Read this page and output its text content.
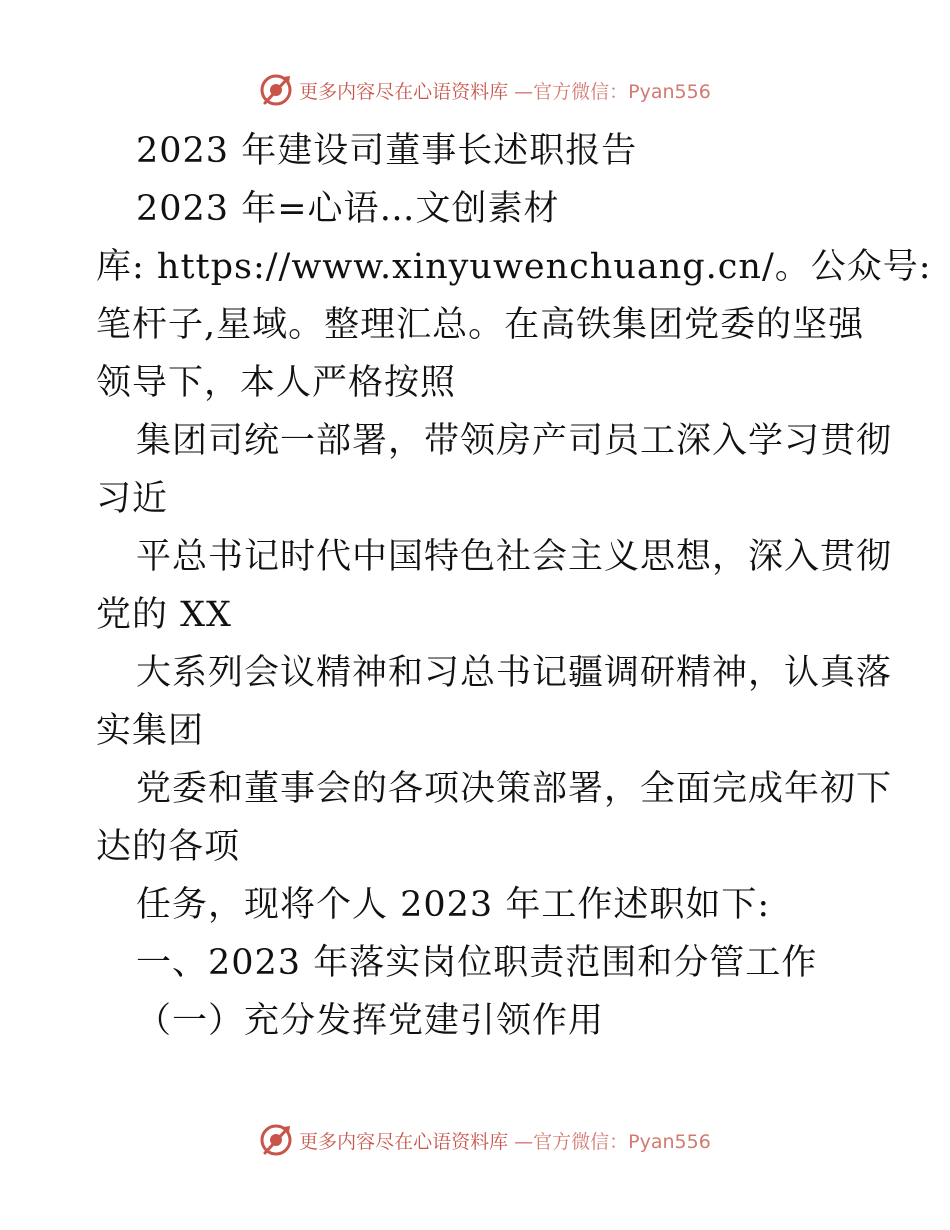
更多内容尽在心语资料库 —官方微信：Pyan556
2023 年建设司董事长述职报告
2023 年=心语…文创素材
库: https://www.xinyuwenchuang.cn/。公众号:
笔杆子,星域。整理汇总。在高铁集团党委的坚强
领导下，本人严格按照
集团司统一部署，带领房产司员工深入学习贯彻
习近
平总书记时代中国特色社会主义思想，深入贯彻
党的 XX
大系列会议精神和习总书记疆调研精神，认真落
实集团
党委和董事会的各项决策部署，全面完成年初下
达的各项
任务，现将个人 2023 年工作述职如下:
一、2023 年落实岗位职责范围和分管工作
（一）充分发挥党建引领作用
更多内容尽在心语资料库 —官方微信：Pyan556
